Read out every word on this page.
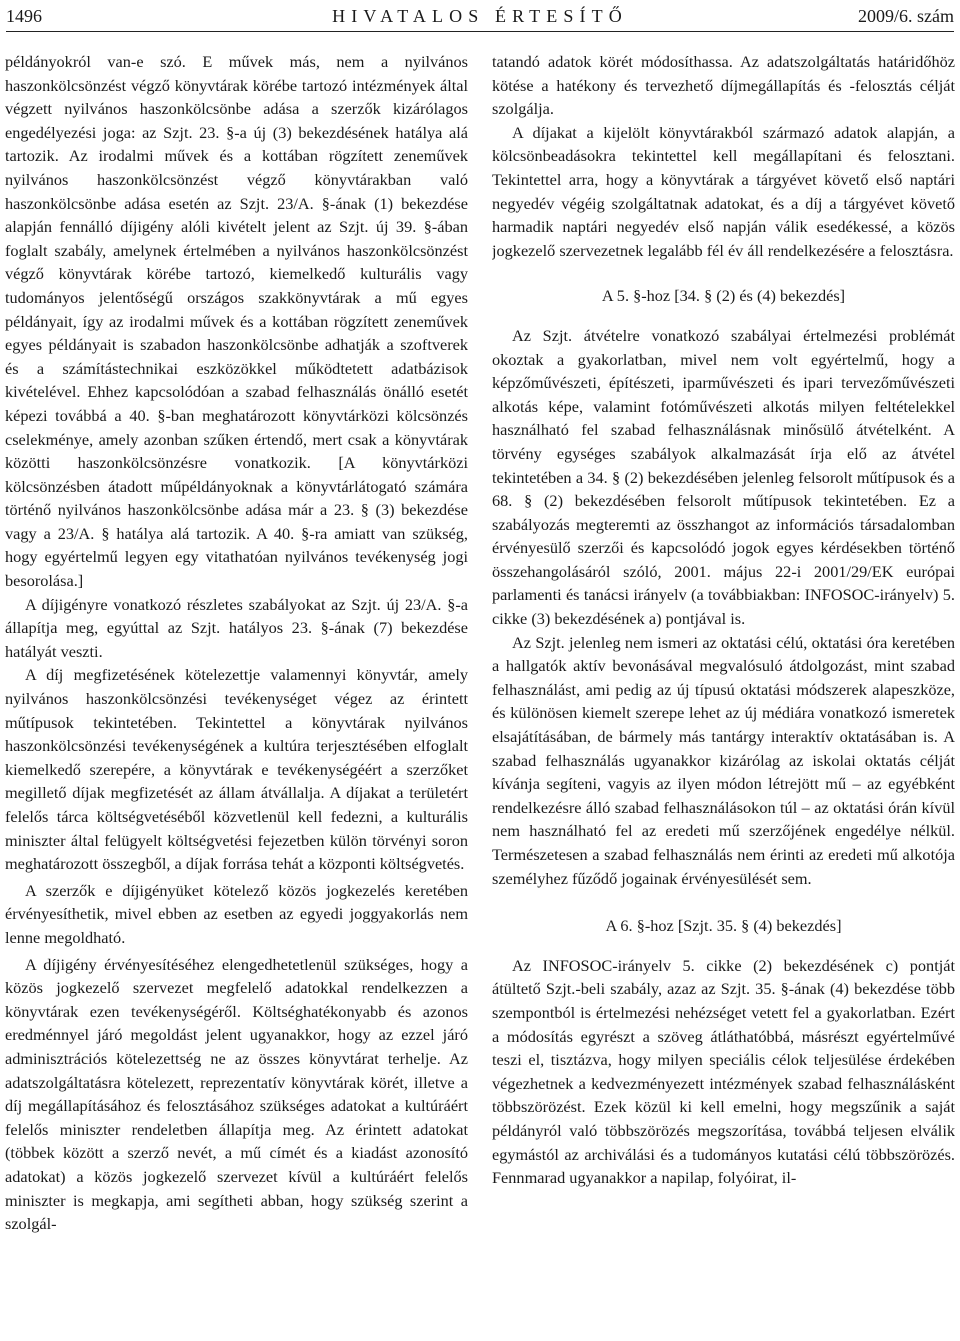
1496	HIVATALOS ÉRTESÍTŐ	2009/6. szám

példányokról van-e szó. E művek más, nem a nyilvános haszonkölcsönzést végző könyvtárak körébe tartozó intézmények által végzett nyilvános haszonkölcsönbe adása a szerzők kizárólagos engedélyezési joga: az Szjt. 23. §-a új (3) bekezdésének hatálya alá tartozik. Az irodalmi művek és a kottában rögzített zeneművek nyilvános haszonkölcsönzést végző könyvtárakban való haszonkölcsönbe adása esetén az Szjt. 23/A. §-ának (1) bekezdése alapján fennálló díjigény alóli kivételt jelent az Szjt. új 39. §-ában foglalt szabály, amelynek értelmében a nyilvános haszonkölcsönzést végző könyvtárak körébe tartozó, kiemelkedő kulturális vagy tudományos jelentőségű országos szakkönyvtárak a mű egyes példányait, így az irodalmi művek és a kottában rögzített zeneművek egyes példányait is szabadon haszonkölcsönbe adhatják a szoftverek és a számítástechnikai eszközökkel működtetett adatbázisok kivételével. Ehhez kapcsolódóan a szabad felhasználás önálló esetét képezi továbbá a 40. §-ban meghatározott könyvtárközi kölcsönzés cselekménye, amely azonban szűken értendő, mert csak a könyvtárak közötti haszonkölcsönzésre vonatkozik. [A könyvtárközi kölcsönzésben átadott műpéldányoknak a könyvtárlátogató számára történő nyilvános haszonkölcsönbe adása már a 23. § (3) bekezdése vagy a 23/A. § hatálya alá tartozik. A 40. §-ra amiatt van szükség, hogy egyértelmű legyen egy vitathatóan nyilvános tevékenység jogi besorolása.]

A díjigényre vonatkozó részletes szabályokat az Szjt. új 23/A. §-a állapítja meg, egyúttal az Szjt. hatályos 23. §-ának (7) bekezdése hatályát veszti.

A díj megfizetésének kötelezettje valamennyi könyvtár, amely nyilvános haszonkölcsönzési tevékenységet végez az érintett műtípusok tekintetében. Tekintettel a könyvtárak nyilvános haszonkölcsönzési tevékenységének a kultúra terjesztésében elfoglalt kiemelkedő szerepére, a könyvtárak e tevékenységéért a szerzőket megillető díjak megfizetését az állam átvállalja. A díjakat a területért felelős tárca költségvetéséből közvetlenül kell fedezni, a kulturális miniszter által felügyelt költségvetési fejezetben külön törvényi soron meghatározott összegből, a díjak forrása tehát a központi költségvetés.

A szerzők e díjigényüket kötelező közös jogkezelés keretében érvényesíthetik, mivel ebben az esetben az egyedi joggyakorlás nem lenne megoldható.

A díjigény érvényesítéséhez elengedhetetlenül szükséges, hogy a közös jogkezelő szervezet megfelelő adatokkal rendelkezzen a könyvtárak ezen tevékenységéről. Költséghatékonyabb és azonos eredménnyel járó megoldást jelent ugyanakkor, hogy az ezzel járó adminisztrációs kötelezettség ne az összes könyvtárat terhelje. Az adatszolgáltatásra kötelezett, reprezentatív könyvtárak körét, illetve a díj megállapításához és felosztásához szükséges adatokat a kultúráért felelős miniszter rendeletben állapítja meg. Az érintett adatokat (többek között a szerző nevét, a mű címét és a kiadást azonosító adatokat) a közös jogkezelő szervezet kívül a kultúráért felelős miniszter is megkapja, ami segítheti abban, hogy szükség szerint a szolgál-

tatandó adatok körét módosíthassa. Az adatszolgáltatás határidőhöz kötése a hatékony és tervezhető díjmegállapítás és -felosztás célját szolgálja.

A díjakat a kijelölt könyvtárakból származó adatok alapján, a kölcsönbeadásokra tekintettel kell megállapítani és felosztani. Tekintettel arra, hogy a könyvtárak a tárgyévet követő első naptári negyedév végéig szolgáltatnak adatokat, és a díj a tárgyévet követő harmadik naptári negyedév első napján válik esedékessé, a közös jogkezelő szervezetnek legalább fél év áll rendelkezésére a felosztásra.

A 5. §-hoz [34. § (2) és (4) bekezdés]

Az Szjt. átvételre vonatkozó szabályai értelmezési problémát okoztak a gyakorlatban, mivel nem volt egyértelmű, hogy a képzőművészeti, építészeti, iparművészeti és ipari tervezőművészeti alkotás képe, valamint fotóművészeti alkotás milyen feltételekkel használható fel szabad felhasználásnak minősülő átvételként. A törvény egységes szabályok alkalmazását írja elő az átvétel tekintetében a 34. § (2) bekezdésében jelenleg felsorolt műtípusok és a 68. § (2) bekezdésében felsorolt műtípusok tekintetében. Ez a szabályozás megteremti az összhangot az információs társadalomban érvényesülő szerzői és kapcsolódó jogok egyes kérdésekben történő összehangolásáról szóló, 2001. május 22-i 2001/29/EK európai parlamenti és tanácsi irányelv (a továbbiakban: INFOSOC-irányelv) 5. cikke (3) bekezdésének a) pontjával is.

Az Szjt. jelenleg nem ismeri az oktatási célú, oktatási óra keretében a hallgatók aktív bevonásával megvalósuló átdolgozást, mint szabad felhasználást, ami pedig az új típusú oktatási módszerek alapeszköze, és különösen kiemelt szerepe lehet az új médiára vonatkozó ismeretek elsajátításában, de bármely más tantárgy interaktív oktatásában is. A szabad felhasználás ugyanakkor kizárólag az iskolai oktatás célját kívánja segíteni, vagyis az ilyen módon létrejött mű – az egyébként rendelkezésre álló szabad felhasználásokon túl – az oktatási órán kívül nem használható fel az eredeti mű szerzőjének engedélye nélkül. Természetesen a szabad felhasználás nem érinti az eredeti mű alkotója személyhez fűződő jogainak érvényesülését sem.

A 6. §-hoz [Szjt. 35. § (4) bekezdés]

Az INFOSOC-irányelv 5. cikke (2) bekezdésének c) pontját átültető Szjt.-beli szabály, azaz az Szjt. 35. §-ának (4) bekezdése több szempontból is értelmezési nehézséget vetett fel a gyakorlatban. Ezért a módosítás egyrészt a szöveg átláthatóbbá, másrészt egyértelművé teszi el, tisztázva, hogy milyen speciális célok teljesülése érdekében végezhetnek a kedvezményezett intézmények szabad felhasználásként többszörözést. Ezek közül ki kell emelni, hogy megszűnik a saját példányról való többszörözés megszorítása, továbbá teljesen elválik egymástól az archiválási és a tudományos kutatási célú többszörözés. Fennmarad ugyanakkor a napilap, folyóirat, il-
